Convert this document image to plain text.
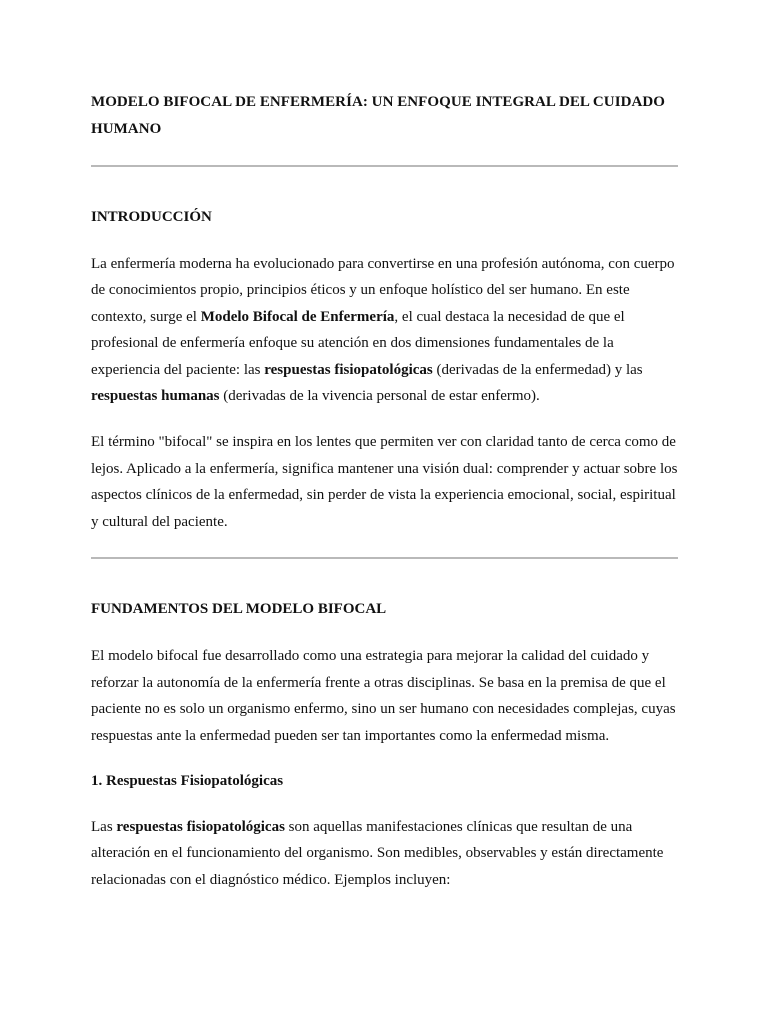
MODELO BIFOCAL DE ENFERMERÍA: UN ENFOQUE INTEGRAL DEL CUIDADO HUMANO
INTRODUCCIÓN

La enfermería moderna ha evolucionado para convertirse en una profesión autónoma, con cuerpo de conocimientos propio, principios éticos y un enfoque holístico del ser humano. En este contexto, surge el Modelo Bifocal de Enfermería, el cual destaca la necesidad de que el profesional de enfermería enfoque su atención en dos dimensiones fundamentales de la experiencia del paciente: las respuestas fisiopatológicas (derivadas de la enfermedad) y las respuestas humanas (derivadas de la vivencia personal de estar enfermo).

El término "bifocal" se inspira en los lentes que permiten ver con claridad tanto de cerca como de lejos. Aplicado a la enfermería, significa mantener una visión dual: comprender y actuar sobre los aspectos clínicos de la enfermedad, sin perder de vista la experiencia emocional, social, espiritual y cultural del paciente.

FUNDAMENTOS DEL MODELO BIFOCAL

El modelo bifocal fue desarrollado como una estrategia para mejorar la calidad del cuidado y reforzar la autonomía de la enfermería frente a otras disciplinas. Se basa en la premisa de que el paciente no es solo un organismo enfermo, sino un ser humano con necesidades complejas, cuyas respuestas ante la enfermedad pueden ser tan importantes como la enfermedad misma.

1. Respuestas Fisiopatológicas

Las respuestas fisiopatológicas son aquellas manifestaciones clínicas que resultan de una alteración en el funcionamiento del organismo. Son medibles, observables y están directamente relacionadas con el diagnóstico médico. Ejemplos incluyen:
